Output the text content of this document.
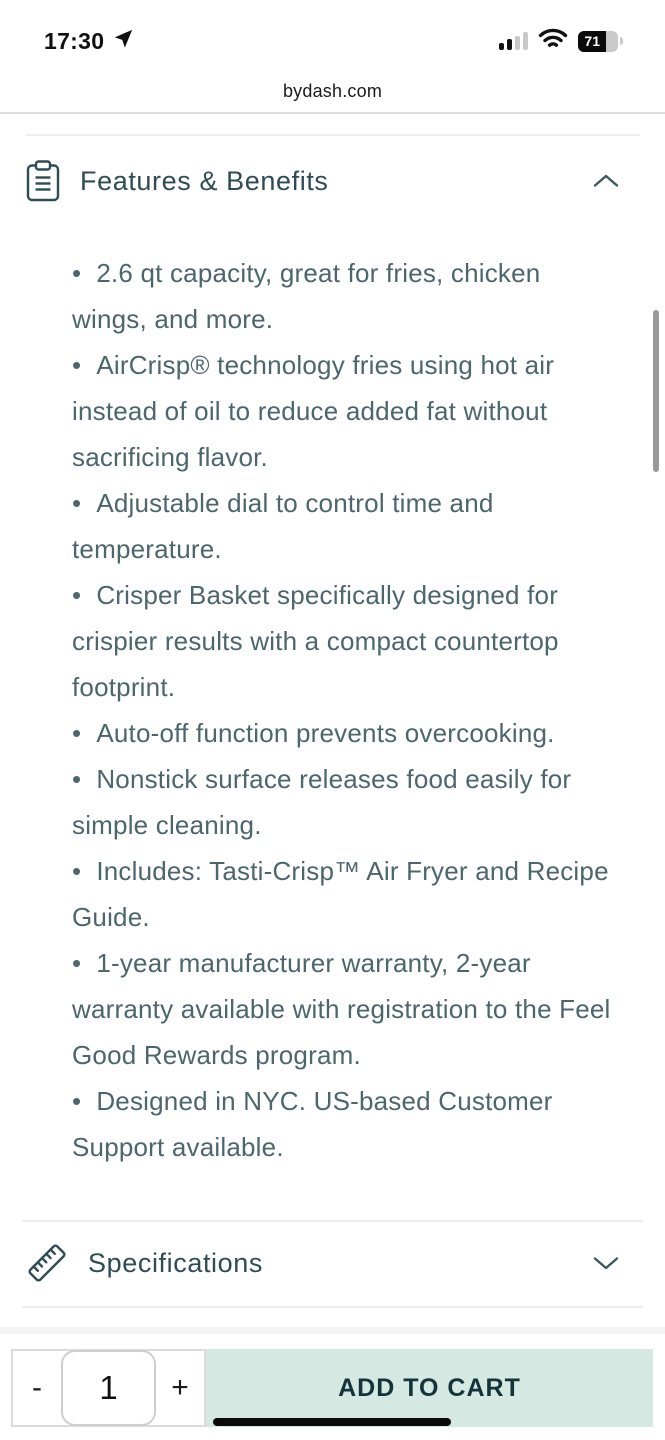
17:30	71
bydash.com
Features & Benefits

• 2.6 qt capacity, great for fries, chicken wings, and more.

• AirCrisp® technology fries using hot air instead of oil to reduce added fat without sacrificing flavor.

• Adjustable dial to control time and temperature.

• Crisper Basket specifically designed for crispier results with a compact countertop footprint.

• Auto-off function prevents overcooking.

• Nonstick surface releases food easily for simple cleaning.

• Includes: Tasti-Crisp™ Air Fryer and Recipe Guide.

• 1-year manufacturer warranty, 2-year warranty available with registration to the Feel Good Rewards program.

• Designed in NYC. US-based Customer Support available.

Specifications
-	1	+	ADD TO CART
